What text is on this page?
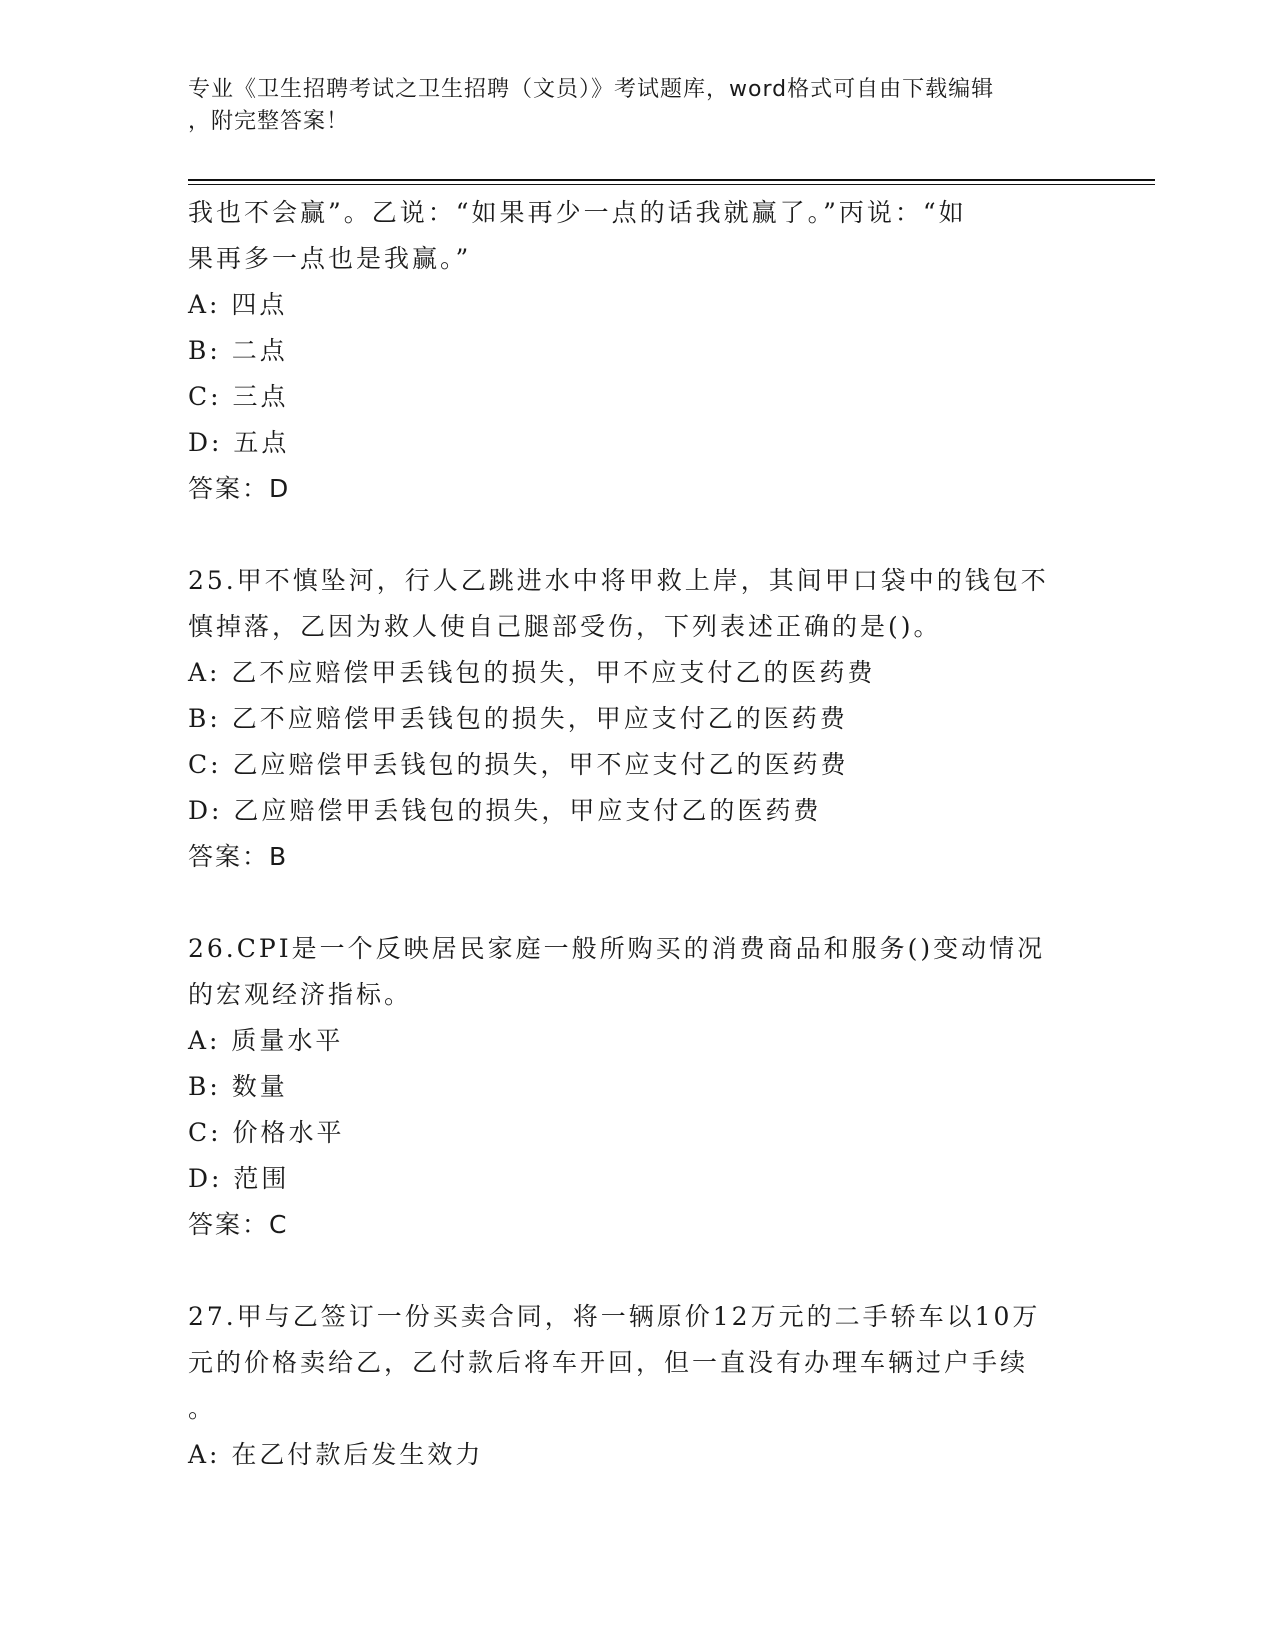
专业《卫生招聘考试之卫生招聘（文员）》考试题库，word格式可自由下载编辑
，附完整答案！

我也不会赢”。乙说：“如果再少一点的话我就赢了。”丙说：“如

果再多一点也是我赢。”

A: 四点

B: 二点

C: 三点

D: 五点

答案：D

25.甲不慎坠河，行人乙跳进水中将甲救上岸，其间甲口袋中的钱包不

慎掉落，乙因为救人使自己腿部受伤，下列表述正确的是()。

A: 乙不应赔偿甲丢钱包的损失，甲不应支付乙的医药费

B: 乙不应赔偿甲丢钱包的损失，甲应支付乙的医药费

C: 乙应赔偿甲丢钱包的损失，甲不应支付乙的医药费

D: 乙应赔偿甲丢钱包的损失，甲应支付乙的医药费

答案：B

26.CPI是一个反映居民家庭一般所购买的消费商品和服务()变动情况

的宏观经济指标。

A: 质量水平

B: 数量

C: 价格水平

D: 范围

答案：C

27.甲与乙签订一份买卖合同，将一辆原价12万元的二手轿车以10万

元的价格卖给乙，乙付款后将车开回，但一直没有办理车辆过户手续

。

A: 在乙付款后发生效力
